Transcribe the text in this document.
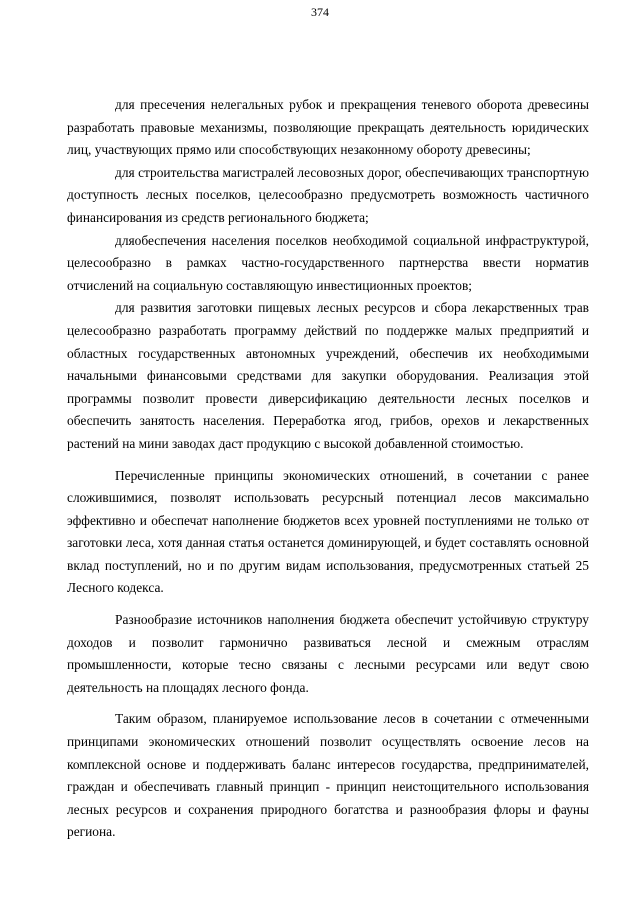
374

для пресечения нелегальных рубок и прекращения теневого оборота древесины разработать правовые механизмы, позволяющие прекращать деятельность юридических лиц, участвующих прямо или способствующих незаконному обороту древесины;

для строительства магистралей лесовозных дорог, обеспечивающих транспортную доступность лесных поселков, целесообразно предусмотреть возможность частичного финансирования из средств регионального бюджета;

дляобеспечения населения поселков необходимой социальной инфраструктурой, целесообразно в рамках частно-государственного партнерства ввести норматив отчислений на социальную составляющую инвестиционных проектов;

для развития заготовки пищевых лесных ресурсов и сбора лекарственных трав целесообразно разработать программу действий по поддержке малых предприятий и областных государственных автономных учреждений, обеспечив их необходимыми начальными финансовыми средствами для закупки оборудования. Реализация этой программы позволит провести диверсификацию деятельности лесных поселков и обеспечить занятость населения. Переработка ягод, грибов, орехов и лекарственных растений на мини заводах даст продукцию с высокой добавленной стоимостью.

Перечисленные принципы экономических отношений, в сочетании с ранее сложившимися, позволят использовать ресурсный потенциал лесов максимально эффективно и обеспечат наполнение бюджетов всех уровней поступлениями не только от заготовки леса, хотя данная статья останется доминирующей, и будет составлять основной вклад поступлений, но и по другим видам использования, предусмотренных статьей 25 Лесного кодекса.

Разнообразие источников наполнения бюджета обеспечит устойчивую структуру доходов и позволит гармонично развиваться лесной и смежным отраслям промышленности, которые тесно связаны с лесными ресурсами или ведут свою деятельность на площадях лесного фонда.

Таким образом, планируемое использование лесов в сочетании с отмеченными принципами экономических отношений позволит осуществлять освоение лесов на комплексной основе и поддерживать баланс интересов государства, предпринимателей, граждан и обеспечивать главный принцип - принцип неистощительного использования лесных ресурсов и сохранения природного богатства и разнообразия флоры и фауны региона.
